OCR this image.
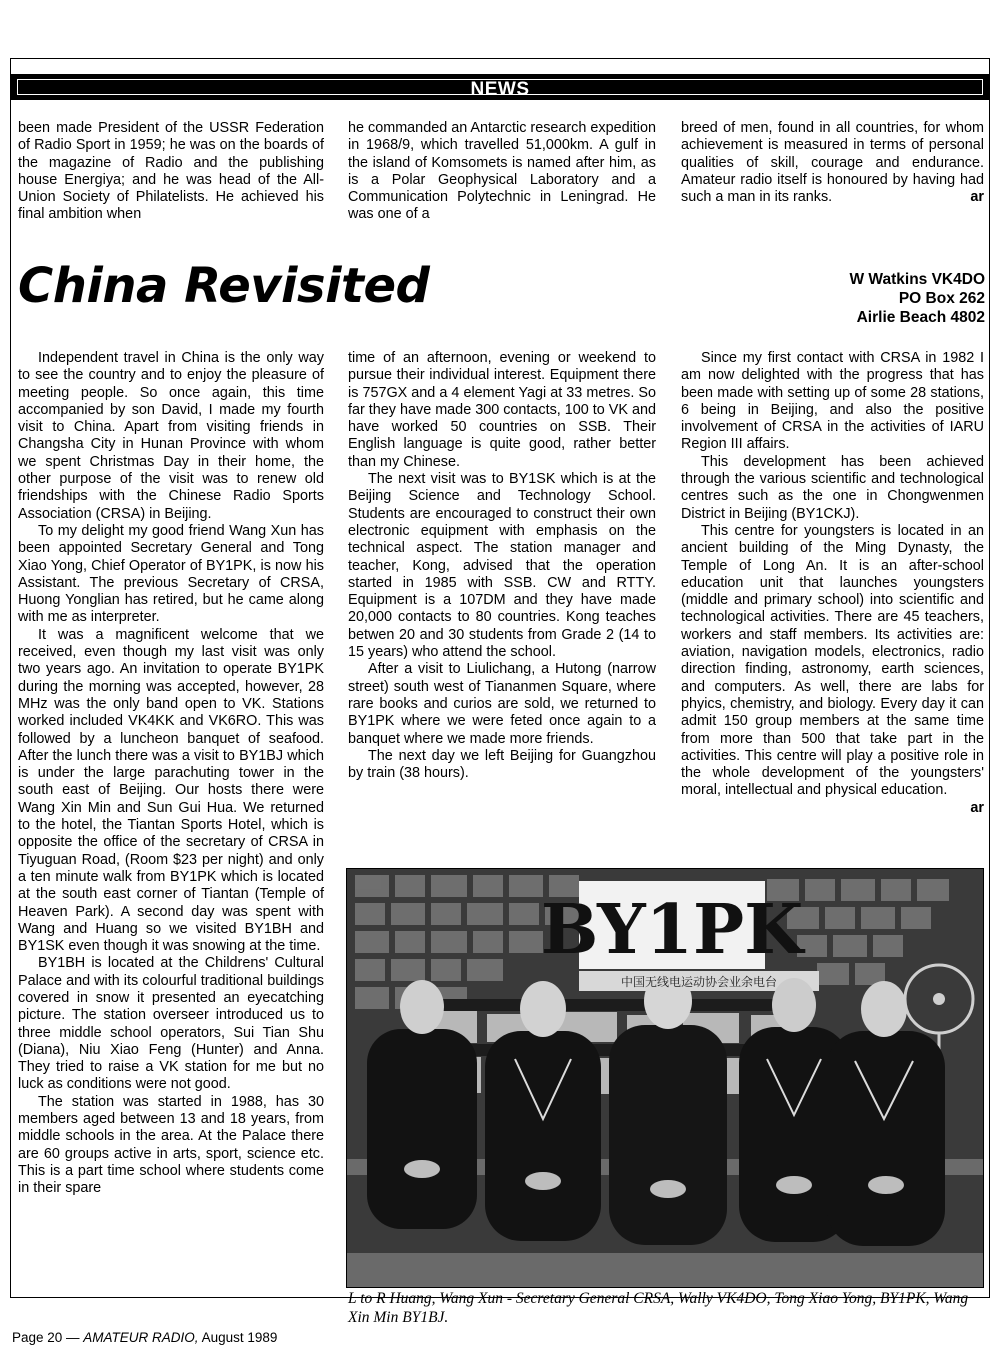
NEWS

been made President of the USSR Federation of Radio Sport in 1959; he was on the boards of the magazine of Radio and the publishing house Energiya; and he was head of the All-Union Society of Philatelists. He achieved his final ambition when

he commanded an Antarctic research expedition in 1968/9, which travelled 51,000km. A gulf in the island of Komsomets is named after him, as is a Polar Geophysical Laboratory and a Communication Polytechnic in Leningrad. He was one of a

breed of men, found in all countries, for whom achievement is measured in terms of personal qualities of skill, courage and endurance. Amateur radio itself is honoured by having had such a man in its ranks.	ar

China Revisited	W Watkins VK4DO
PO Box 262
Airlie Beach 4802

Independent travel in China is the only way to see the country and to enjoy the pleasure of meeting people. So once again, this time accompanied by son David, I made my fourth visit to China. Apart from visiting friends in Changsha City in Hunan Province with whom we spent Christmas Day in their home, the other purpose of the visit was to renew old friendships with the Chinese Radio Sports Association (CRSA) in Beijing.

To my delight my good friend Wang Xun has been appointed Secretary General and Tong Xiao Yong, Chief Operator of BY1PK, is now his Assistant. The previous Secretary of CRSA, Huong Yonglian has retired, but he came along with me as interpreter.

It was a magnificent welcome that we received, even though my last visit was only two years ago. An invitation to operate BY1PK during the morning was accepted, however, 28 MHz was the only band open to VK. Stations worked included VK4KK and VK6RO. This was followed by a luncheon banquet of seafood. After the lunch there was a visit to BY1BJ which is under the large parachuting tower in the south east of Beijing. Our hosts there were Wang Xin Min and Sun Gui Hua. We returned to the hotel, the Tiantan Sports Hotel, which is opposite the office of the secretary of CRSA in Tiyuguan Road, (Room $23 per night) and only a ten minute walk from BY1PK which is located at the south east corner of Tiantan (Temple of Heaven Park). A second day was spent with Wang and Huang so we visited BY1BH and BY1SK even though it was snowing at the time.

BY1BH is located at the Childrens' Cultural Palace and with its colourful traditional buildings covered in snow it presented an eyecatching picture. The station overseer introduced us to three middle school operators, Sui Tian Shu (Diana), Niu Xiao Feng (Hunter) and Anna. They tried to raise a VK station for me but no luck as conditions were not good.

The station was started in 1988, has 30 members aged between 13 and 18 years, from middle schools in the area. At the Palace there are 60 groups active in arts, sport, science etc. This is a part time school where students come in their spare

time of an afternoon, evening or weekend to pursue their individual interest. Equipment there is 757GX and a 4 element Yagi at 33 metres. So far they have made 300 contacts, 100 to VK and have worked 50 countries on SSB. Their English language is quite good, rather better than my Chinese.

The next visit was to BY1SK which is at the Beijing Science and Technology School. Students are encouraged to construct their own electronic equipment with emphasis on the technical aspect. The station manager and teacher, Kong, advised that the operation started in 1985 with SSB. CW and RTTY. Equipment is a 107DM and they have made 20,000 contacts to 80 countries. Kong teaches betwen 20 and 30 students from Grade 2 (14 to 15 years) who attend the school.

After a visit to Liulichang, a Hutong (narrow street) south west of Tiananmen Square, where rare books and curios are sold, we returned to BY1PK where we were feted once again to a banquet where we made more friends.

The next day we left Beijing for Guangzhou by train (38 hours).

Since my first contact with CRSA in 1982 I am now delighted with the progress that has been made with setting up of some 28 stations, 6 being in Beijing, and also the positive involvement of CRSA in the activities of IARU Region III affairs.

This development has been achieved through the various scientific and technological centres such as the one in Chongwenmen District in Beijing (BY1CKJ).

This centre for youngsters is located in an ancient building of the Ming Dynasty, the Temple of Long An. It is an after-school education unit that launches youngsters (middle and primary school) into scientific and technological activities. There are 45 teachers, workers and staff members. Its activities are: aviation, navigation models, electronics, radio direction finding, astronomy, earth sciences, and computers. As well, there are labs for phyics, chemistry, and biology. Every day it can admit 150 group members at the same time from more than 500 that take part in the activities. This centre will play a positive role in the whole development of the youngsters' moral, intellectual and physical education.

ar

BY1PK
中国无线电运动协会业余电台
L to R Huang, Wang Xun - Secretary General CRSA, Wally VK4DO, Tong Xiao Yong, BY1PK, Wang Xin Min BY1BJ.
Page 20 — AMATEUR RADIO, August 1989
